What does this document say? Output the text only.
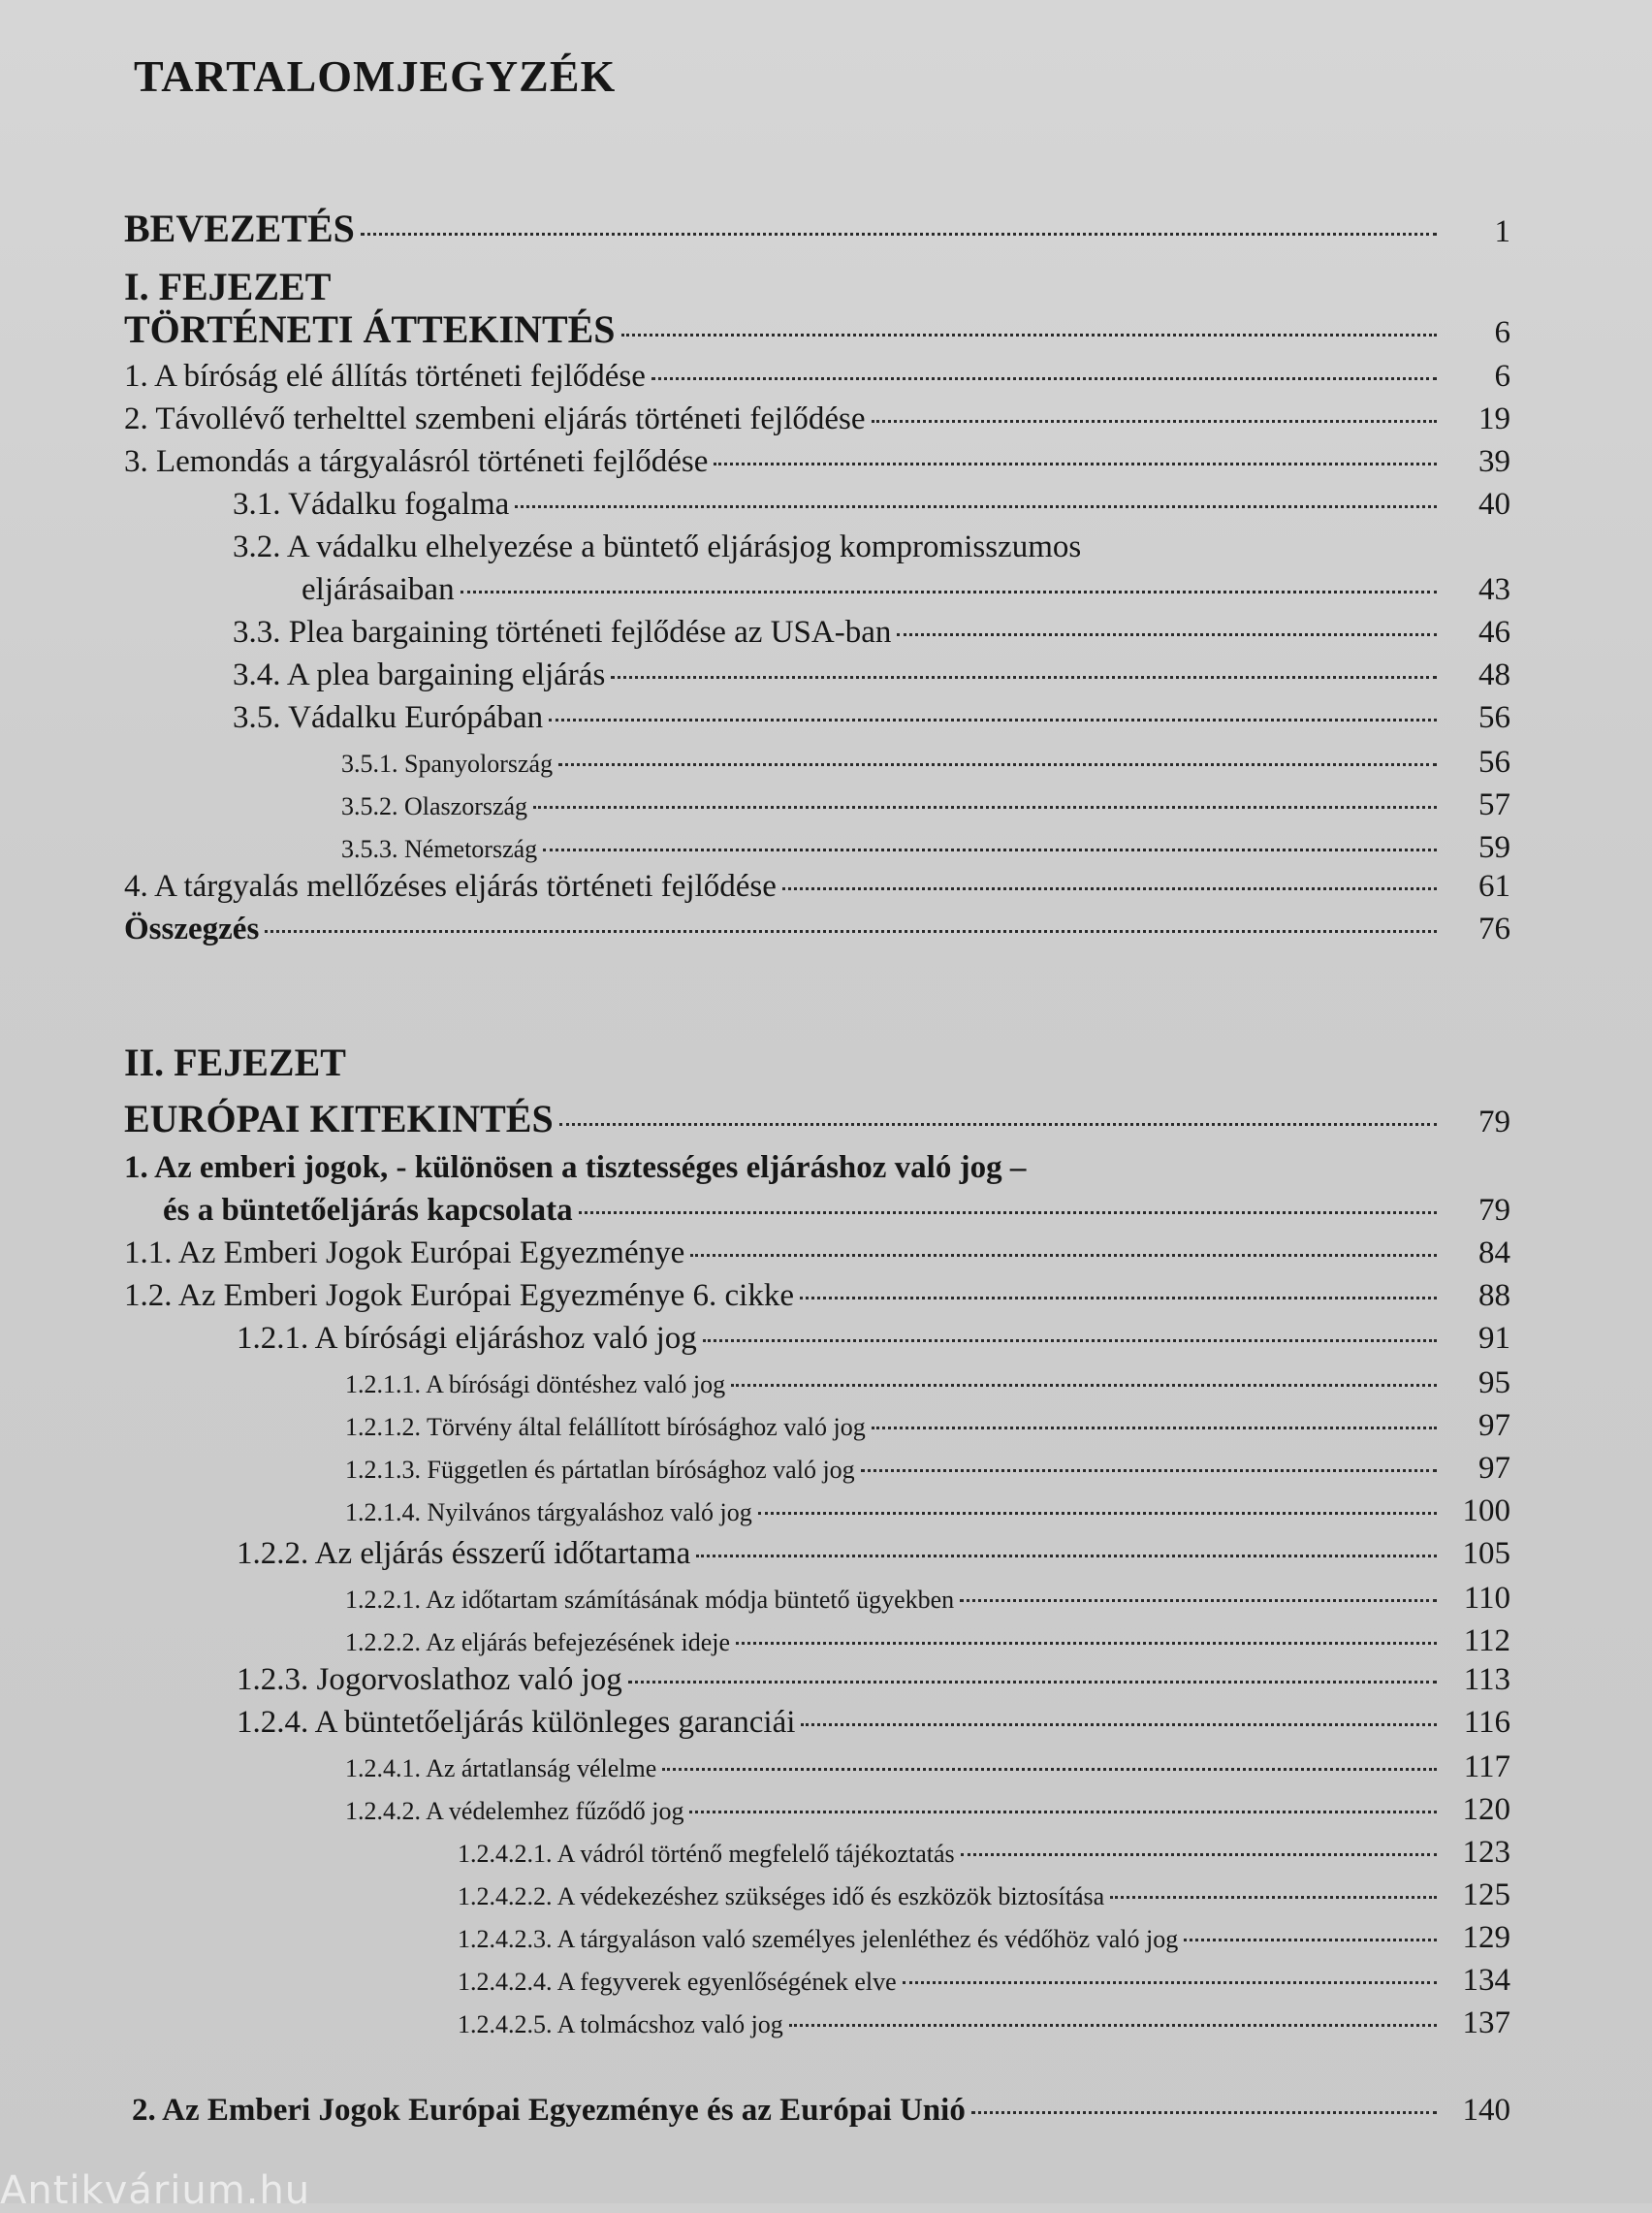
TARTALOMJEGYZÉK
BEVEZETÉS	1
I. FEJEZET
TÖRTÉNETI ÁTTEKINTÉS	6
1. A bíróság elé állítás történeti fejlődése	6
2. Távollévő terhelttel szembeni eljárás történeti fejlődése	19
3. Lemondás a tárgyalásról történeti fejlődése	39
3.1. Vádalku fogalma	40
3.2. A vádalku elhelyezése a büntető eljárásjog kompromisszumos
eljárásaiban	43
3.3. Plea bargaining történeti fejlődése az USA-ban	46
3.4. A plea bargaining eljárás	48
3.5. Vádalku Európában	56
3.5.1. Spanyolország	56
3.5.2. Olaszország	57
3.5.3. Németország	59
4. A tárgyalás mellőzéses eljárás történeti fejlődése	61
Összegzés	76
II. FEJEZET
EURÓPAI KITEKINTÉS	79
1. Az emberi jogok, - különösen a tisztességes eljáráshoz való jog –
és a büntetőeljárás kapcsolata	79
1.1. Az Emberi Jogok Európai Egyezménye	84
1.2. Az Emberi Jogok Európai Egyezménye 6. cikke	88
1.2.1. A bírósági eljáráshoz való jog	91
1.2.1.1. A bírósági döntéshez való jog	95
1.2.1.2. Törvény által felállított bírósághoz való jog	97
1.2.1.3. Független és pártatlan bírósághoz való jog	97
1.2.1.4. Nyilvános tárgyaláshoz való jog	100
1.2.2. Az eljárás ésszerű időtartama	105
1.2.2.1. Az időtartam számításának módja büntető ügyekben	110
1.2.2.2. Az eljárás befejezésének ideje	112
1.2.3. Jogorvoslathoz való jog	113
1.2.4. A büntetőeljárás különleges garanciái	116
1.2.4.1. Az ártatlanság vélelme	117
1.2.4.2. A védelemhez fűződő jog	120
1.2.4.2.1. A vádról történő megfelelő tájékoztatás	123
1.2.4.2.2. A védekezéshez szükséges idő és eszközök biztosítása	125
1.2.4.2.3. A tárgyaláson való személyes jelenléthez és védőhöz való jog	129
1.2.4.2.4. A fegyverek egyenlőségének elve	134
1.2.4.2.5. A tolmácshoz való jog	137
2. Az Emberi Jogok Európai Egyezménye és az Európai Unió	140
Antikvárium.hu
